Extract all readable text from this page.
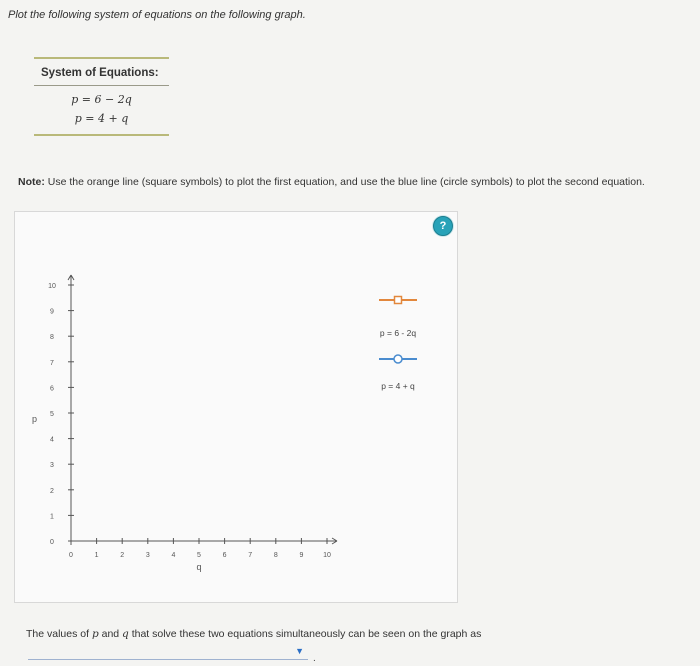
Plot the following system of equations on the following graph.
System of Equations:
p = 6 − 2q
p = 4 + q
Note: Use the orange line (square symbols) to plot the first equation, and use the blue line (circle symbols) to plot the second equation.
?
0	1	2	3	4	5	6	7	8	9	10
0
1
2
3
4
5
6
7
8
9
10
p
q
p = 6 - 2q
p = 4 + q
The values of p and q that solve these two equations simultaneously can be seen on the graph as
▼
.
